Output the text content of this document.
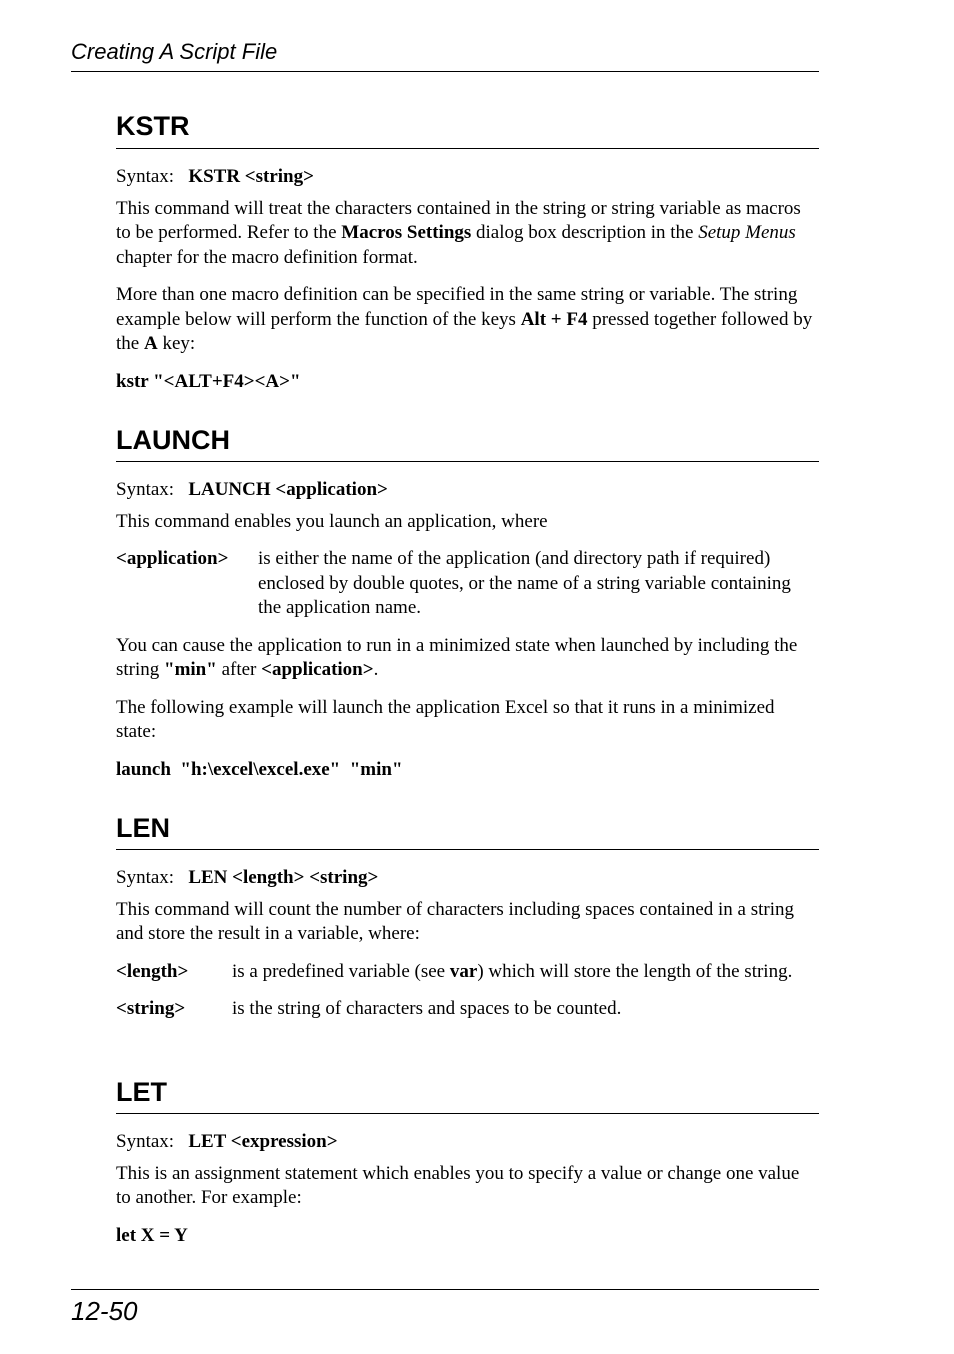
Creating A Script File
KSTR

Syntax: KSTR <string>

This command will treat the characters contained in the string or string variable as macros to be performed. Refer to the Macros Settings dialog box description in the Setup Menus chapter for the macro definition format.

More than one macro definition can be specified in the same string or variable. The string example below will perform the function of the keys Alt + F4 pressed together followed by the A key:

kstr "<ALT+F4><A>"

LAUNCH

Syntax: LAUNCH <application>

This command enables you launch an application, where

<application>	is either the name of the application (and directory path if required) enclosed by double quotes, or the name of a string variable containing the application name.

You can cause the application to run in a minimized state when launched by including the string "min" after <application>.

The following example will launch the application Excel so that it runs in a minimized state:

launch  "h:\excel\excel.exe"  "min"

LEN

Syntax: LEN <length> <string>

This command will count the number of characters including spaces contained in a string and store the result in a variable, where:

<length>	is a predefined variable (see var) which will store the length of the string.
<string>	is the string of characters and spaces to be counted.
LET

Syntax: LET <expression>

This is an assignment statement which enables you to specify a value or change one value to another. For example:

let X = Y

12-50
